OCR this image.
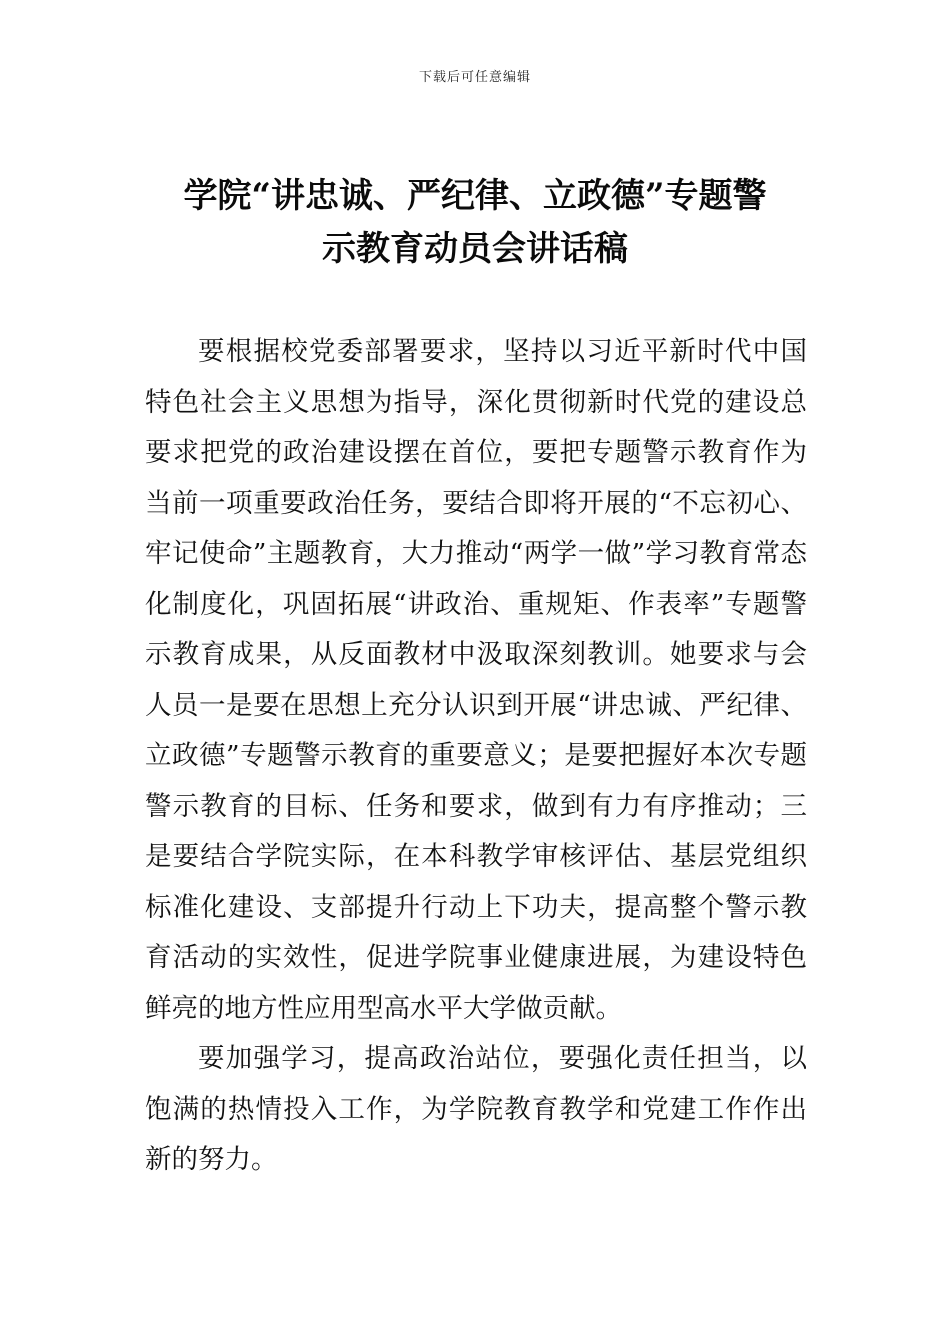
下载后可任意编辑
学院“讲忠诚、严纪律、立政德”专题警
示教育动员会讲话稿

要根据校党委部署要求，坚持以习近平新时代中国特色社会主义思想为指导，深化贯彻新时代党的建设总要求把党的政治建设摆在首位，要把专题警示教育作为当前一项重要政治任务，要结合即将开展的“不忘初心、牢记使命”主题教育，大力推动“两学一做”学习教育常态化制度化，巩固拓展“讲政治、重规矩、作表率”专题警示教育成果，从反面教材中汲取深刻教训。她要求与会人员一是要在思想上充分认识到开展“讲忠诚、严纪律、立政德”专题警示教育的重要意义；是要把握好本次专题警示教育的目标、任务和要求，做到有力有序推动；三是要结合学院实际，在本科教学审核评估、基层党组织标准化建设、支部提升行动上下功夫，提高整个警示教育活动的实效性，促进学院事业健康进展，为建设特色鲜亮的地方性应用型高水平大学做贡献。

要加强学习，提高政治站位，要强化责任担当，以饱满的热情投入工作，为学院教育教学和党建工作作出新的努力。
